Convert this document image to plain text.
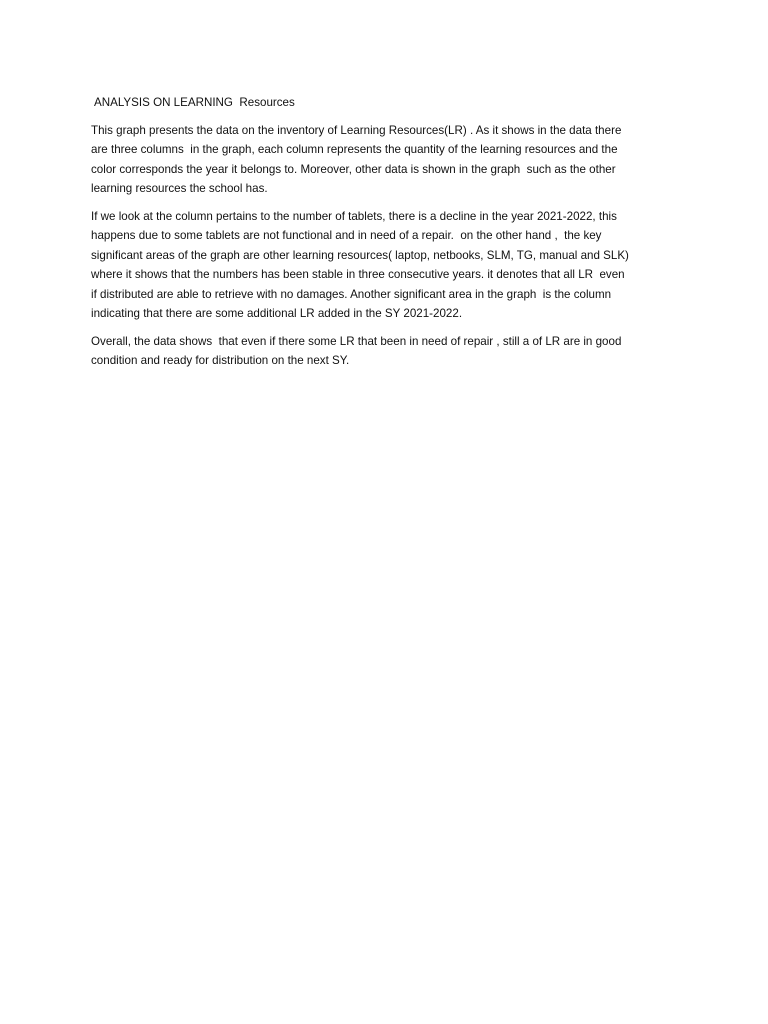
ANALYSIS ON LEARNING  Resources

This graph presents the data on the inventory of Learning Resources(LR) . As it shows in the data there
are three columns  in the graph, each column represents the quantity of the learning resources and the
color corresponds the year it belongs to. Moreover, other data is shown in the graph  such as the other
learning resources the school has.

If we look at the column pertains to the number of tablets, there is a decline in the year 2021-2022, this
happens due to some tablets are not functional and in need of a repair.  on the other hand ,  the key
significant areas of the graph are other learning resources( laptop, netbooks, SLM, TG, manual and SLK)
where it shows that the numbers has been stable in three consecutive years. it denotes that all LR  even
if distributed are able to retrieve with no damages. Another significant area in the graph  is the column
indicating that there are some additional LR added in the SY 2021-2022.

Overall, the data shows  that even if there some LR that been in need of repair , still a of LR are in good
condition and ready for distribution on the next SY.
